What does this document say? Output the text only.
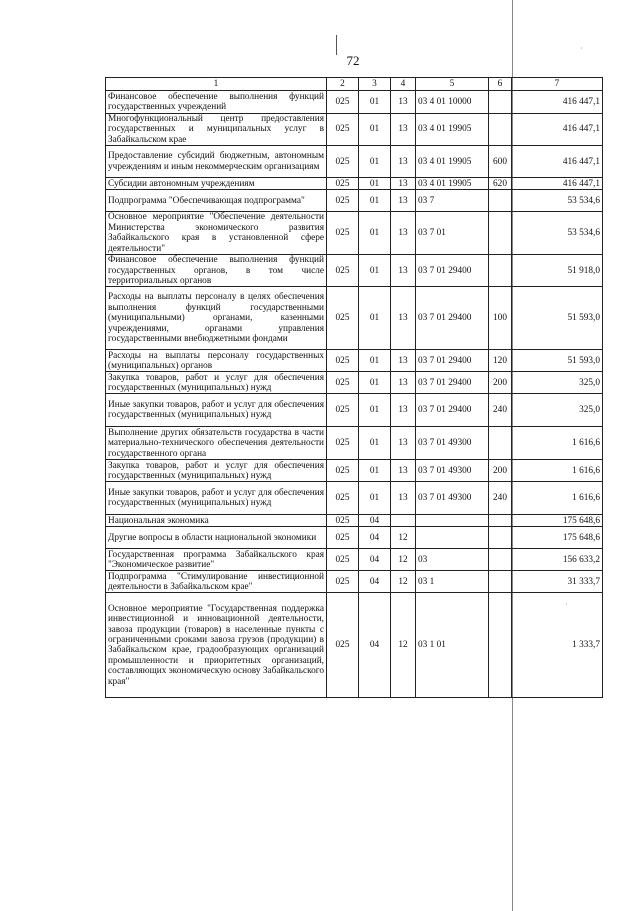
·
·
72
1	2	3	4	5	6	7
Финансовое обеспечение выполнения функций государственных учреждений	025	01	13	03 4 01 10000		416 447,1
Многофункциональный центр предоставления государственных и муниципальных услуг в Забайкальском крае	025	01	13	03 4 01 19905		416 447,1
Предоставление субсидий бюджетным, автономным учреждениям и иным некоммерческим организациям	025	01	13	03 4 01 19905	600	416 447,1
Субсидии автономным учреждениям	025	01	13	03 4 01 19905	620	416 447,1
Подпрограмма "Обеспечивающая подпрограмма"	025	01	13	03 7		53 534,6
Основное мероприятие "Обеспечение деятельности Министерства экономического развития Забайкальского края в установленной сфере деятельности"	025	01	13	03 7 01		53 534,6
Финансовое обеспечение выполнения функций государственных органов, в том числе территориальных органов	025	01	13	03 7 01 29400		51 918,0
Расходы на выплаты персоналу в целях обеспечения выполнения функций государственными (муниципальными) органами, казенными учреждениями, органами управления государственными внебюджетными фондами	025	01	13	03 7 01 29400	100	51 593,0
Расходы на выплаты персоналу государственных (муниципальных) органов	025	01	13	03 7 01 29400	120	51 593,0
Закупка товаров, работ и услуг для обеспечения государственных (муниципальных) нужд	025	01	13	03 7 01 29400	200	325,0
Иные закупки товаров, работ и услуг для обеспечения государственных (муниципальных) нужд	025	01	13	03 7 01 29400	240	325,0
Выполнение других обязательств государства в части материально-технического обеспечения деятельности государственного органа	025	01	13	03 7 01 49300		1 616,6
Закупка товаров, работ и услуг для обеспечения государственных (муниципальных) нужд	025	01	13	03 7 01 49300	200	1 616,6
Иные закупки товаров, работ и услуг для обеспечения государственных (муниципальных) нужд	025	01	13	03 7 01 49300	240	1 616,6
Национальная экономика	025	04				175 648,6
Другие вопросы в области национальной экономики	025	04	12			175 648,6
Государственная программа Забайкальского края "Экономическое развитие"	025	04	12	03		156 633,2
Подпрограмма "Стимулирование инвестиционной деятельности в Забайкальском крае"	025	04	12	03 1		31 333,7
Основное мероприятие "Государственная поддержка инвестиционной и инновационной деятельности, завоза продукции (товаров) в населенные пункты с ограниченными сроками завоза грузов (продукции) в Забайкальском крае, градообразующих организаций промышленности и приоритетных организаций, составляющих экономическую основу Забайкальского края"	025	04	12	03 1 01		1 333,7
